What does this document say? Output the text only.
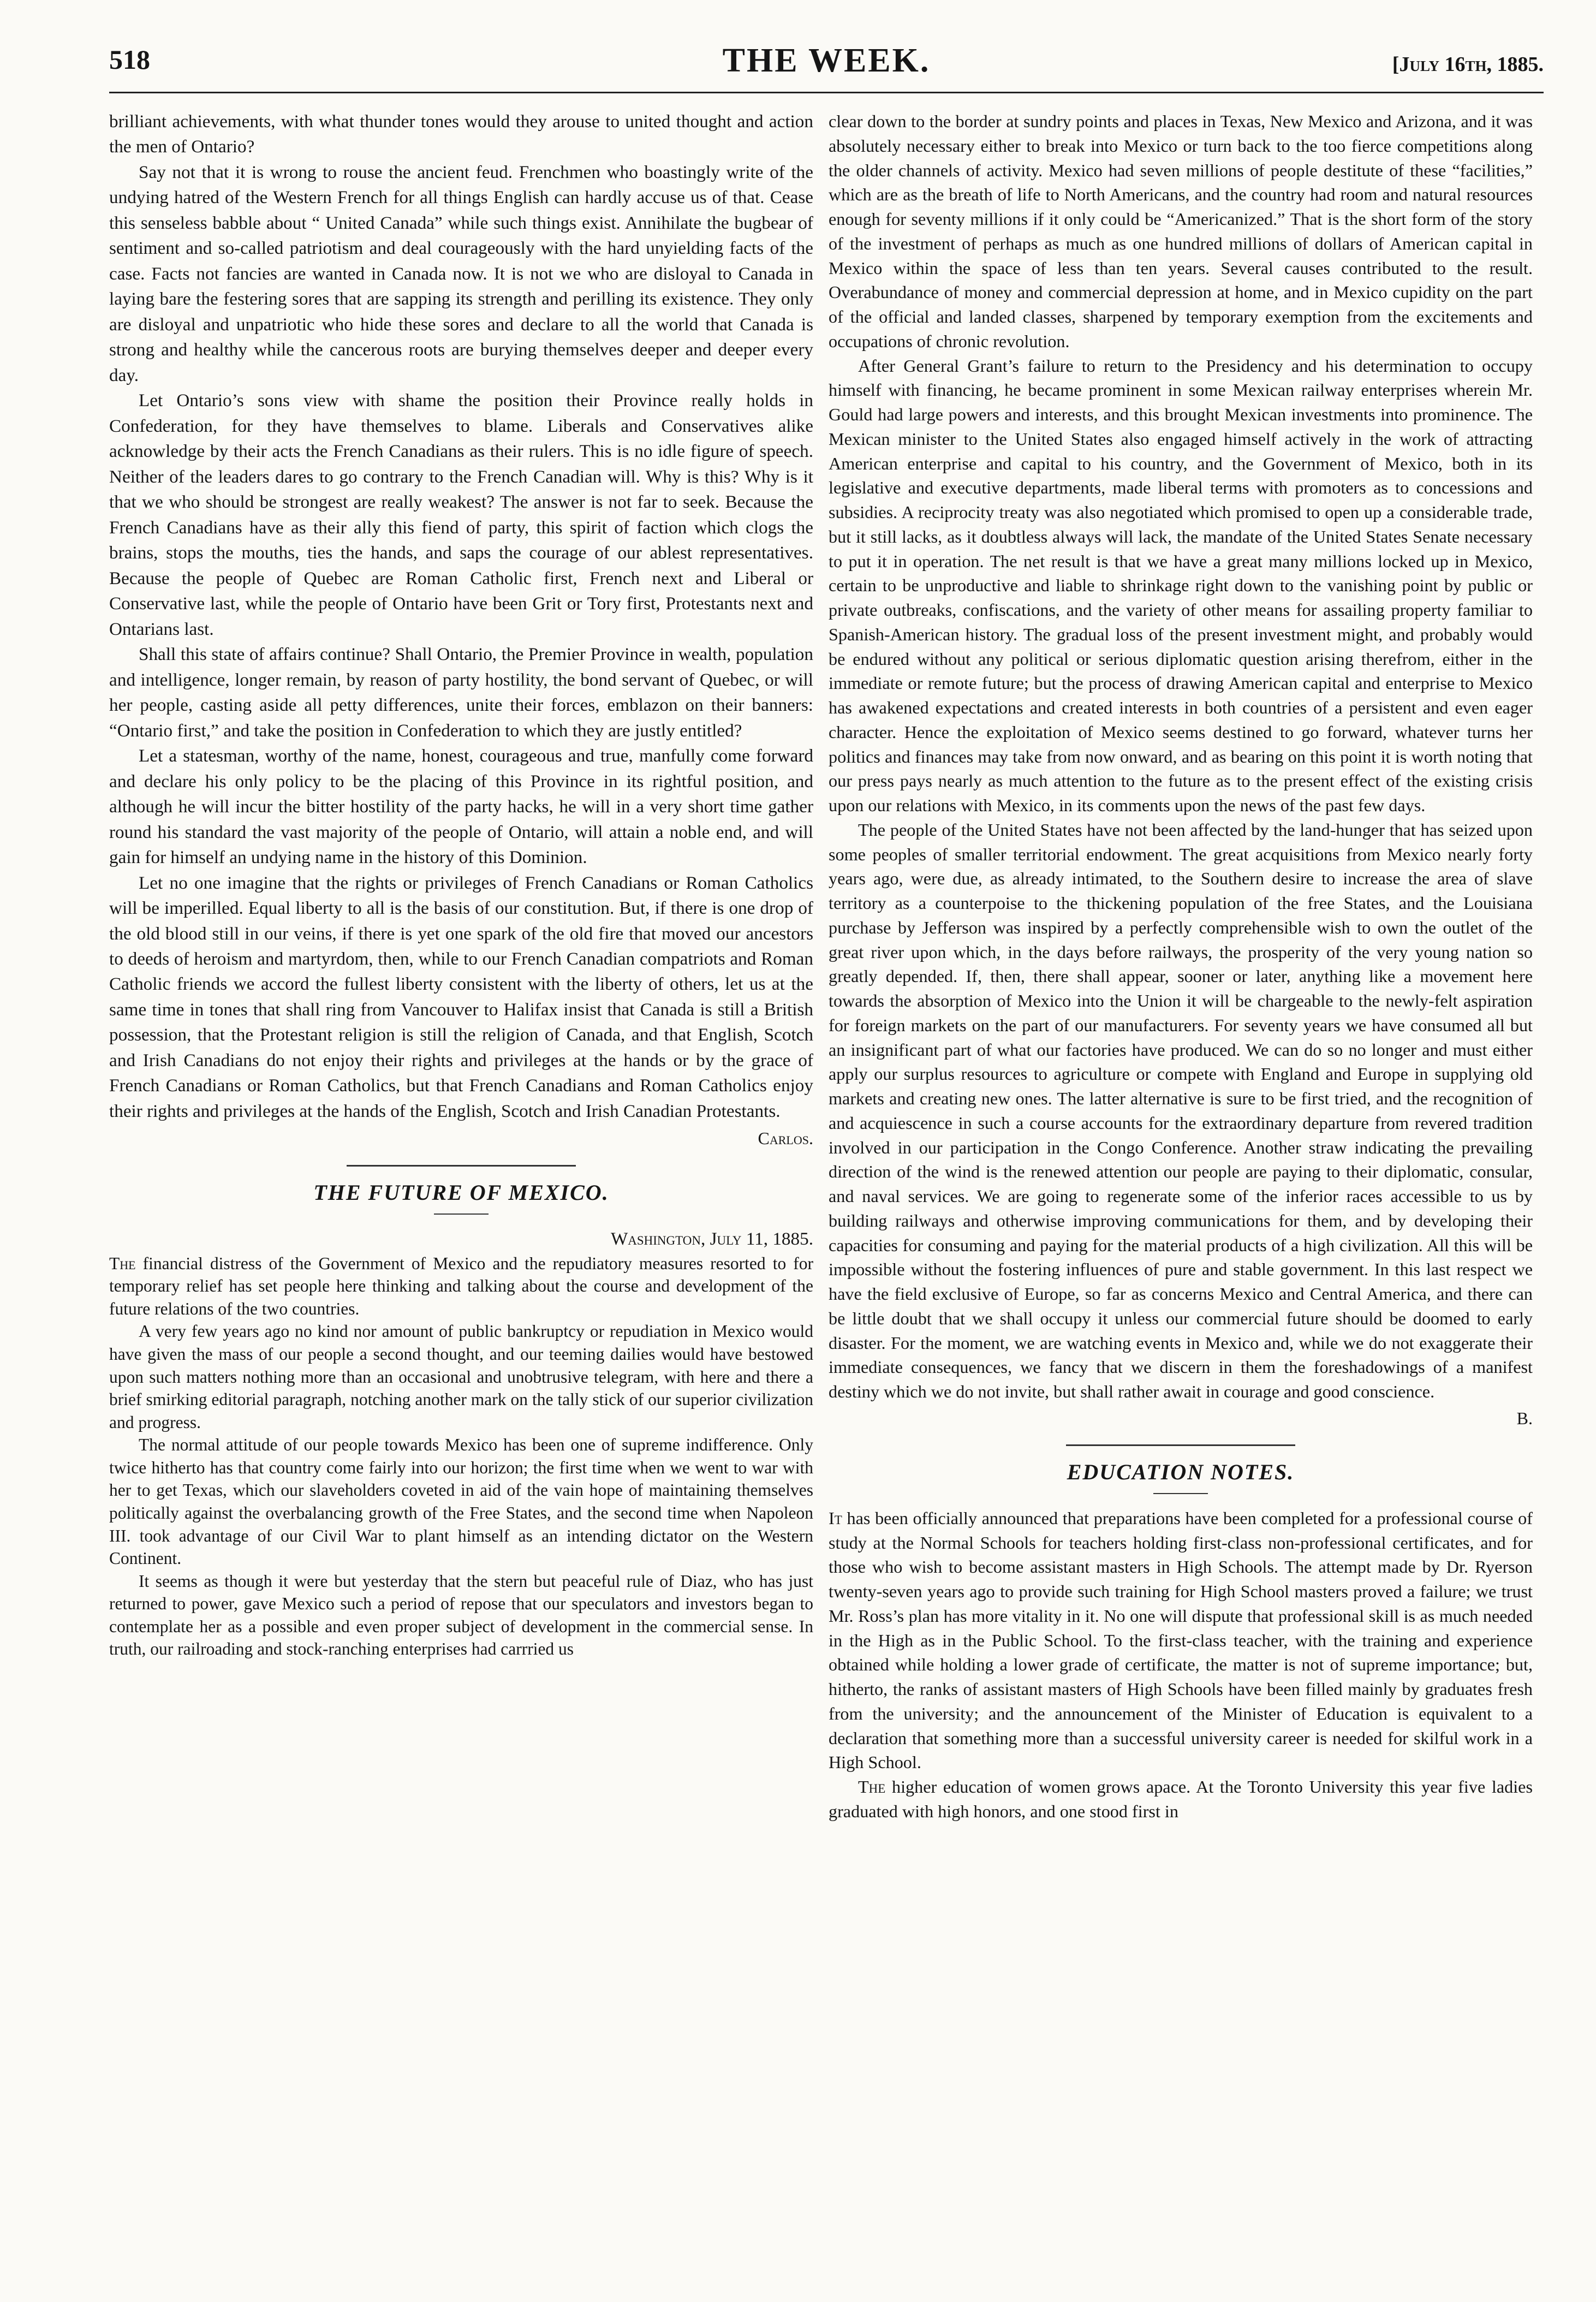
518	THE WEEK.	[July 16th, 1885.

brilliant achievements, with what thunder tones would they arouse to united thought and action the men of Ontario?

Say not that it is wrong to rouse the ancient feud. Frenchmen who boastingly write of the undying hatred of the Western French for all things English can hardly accuse us of that. Cease this senseless babble about “ United Canada” while such things exist. Annihilate the bugbear of sentiment and so-called patriotism and deal courageously with the hard unyielding facts of the case. Facts not fancies are wanted in Canada now. It is not we who are disloyal to Canada in laying bare the festering sores that are sapping its strength and perilling its existence. They only are disloyal and unpatriotic who hide these sores and declare to all the world that Canada is strong and healthy while the cancerous roots are burying themselves deeper and deeper every day.

Let Ontario’s sons view with shame the position their Province really holds in Confederation, for they have themselves to blame. Liberals and Conservatives alike acknowledge by their acts the French Canadians as their rulers. This is no idle figure of speech. Neither of the leaders dares to go contrary to the French Canadian will. Why is this? Why is it that we who should be strongest are really weakest? The answer is not far to seek. Because the French Canadians have as their ally this fiend of party, this spirit of faction which clogs the brains, stops the mouths, ties the hands, and saps the courage of our ablest representatives. Because the people of Quebec are Roman Catholic first, French next and Liberal or Conservative last, while the people of Ontario have been Grit or Tory first, Protestants next and Ontarians last.

Shall this state of affairs continue? Shall Ontario, the Premier Province in wealth, population and intelligence, longer remain, by reason of party hostility, the bond servant of Quebec, or will her people, casting aside all petty differences, unite their forces, emblazon on their banners: “Ontario first,” and take the position in Confederation to which they are justly entitled?

Let a statesman, worthy of the name, honest, courageous and true, manfully come forward and declare his only policy to be the placing of this Province in its rightful position, and although he will incur the bitter hostility of the party hacks, he will in a very short time gather round his standard the vast majority of the people of Ontario, will attain a noble end, and will gain for himself an undying name in the history of this Dominion.

Let no one imagine that the rights or privileges of French Canadians or Roman Catholics will be imperilled. Equal liberty to all is the basis of our constitution. But, if there is one drop of the old blood still in our veins, if there is yet one spark of the old fire that moved our ancestors to deeds of heroism and martyrdom, then, while to our French Canadian compatriots and Roman Catholic friends we accord the fullest liberty consistent with the liberty of others, let us at the same time in tones that shall ring from Vancouver to Halifax insist that Canada is still a British possession, that the Protestant religion is still the religion of Canada, and that English, Scotch and Irish Canadians do not enjoy their rights and privileges at the hands or by the grace of French Canadians or Roman Catholics, but that French Canadians and Roman Catholics enjoy their rights and privileges at the hands of the English, Scotch and Irish Canadian Protestants.

Carlos.
THE FUTURE OF MEXICO.

Washington, July 11, 1885.

The financial distress of the Government of Mexico and the repudiatory measures resorted to for temporary relief has set people here thinking and talking about the course and development of the future relations of the two countries.

A very few years ago no kind nor amount of public bankruptcy or repudiation in Mexico would have given the mass of our people a second thought, and our teeming dailies would have bestowed upon such matters nothing more than an occasional and unobtrusive telegram, with here and there a brief smirking editorial paragraph, notching another mark on the tally stick of our superior civilization and progress.

The normal attitude of our people towards Mexico has been one of supreme indifference. Only twice hitherto has that country come fairly into our horizon; the first time when we went to war with her to get Texas, which our slaveholders coveted in aid of the vain hope of maintaining themselves politically against the overbalancing growth of the Free States, and the second time when Napoleon III. took advantage of our Civil War to plant himself as an intending dictator on the Western Continent.

It seems as though it were but yesterday that the stern but peaceful rule of Diaz, who has just returned to power, gave Mexico such a period of repose that our speculators and investors began to contemplate her as a possible and even proper subject of development in the commercial sense. In truth, our railroading and stock-ranching enterprises had carrried us

clear down to the border at sundry points and places in Texas, New Mexico and Arizona, and it was absolutely necessary either to break into Mexico or turn back to the too fierce competitions along the older channels of activity. Mexico had seven millions of people destitute of these “facilities,” which are as the breath of life to North Americans, and the country had room and natural resources enough for seventy millions if it only could be “Americanized.” That is the short form of the story of the investment of perhaps as much as one hundred millions of dollars of American capital in Mexico within the space of less than ten years. Several causes contributed to the result. Overabundance of money and commercial depression at home, and in Mexico cupidity on the part of the official and landed classes, sharpened by temporary exemption from the excitements and occupations of chronic revolution.

After General Grant’s failure to return to the Presidency and his determination to occupy himself with financing, he became prominent in some Mexican railway enterprises wherein Mr. Gould had large powers and interests, and this brought Mexican investments into prominence. The Mexican minister to the United States also engaged himself actively in the work of attracting American enterprise and capital to his country, and the Government of Mexico, both in its legislative and executive departments, made liberal terms with promoters as to concessions and subsidies. A reciprocity treaty was also negotiated which promised to open up a considerable trade, but it still lacks, as it doubtless always will lack, the mandate of the United States Senate necessary to put it in operation. The net result is that we have a great many millions locked up in Mexico, certain to be unproductive and liable to shrinkage right down to the vanishing point by public or private outbreaks, confiscations, and the variety of other means for assailing property familiar to Spanish-American history. The gradual loss of the present investment might, and probably would be endured without any political or serious diplomatic question arising therefrom, either in the immediate or remote future; but the process of drawing American capital and enterprise to Mexico has awakened expectations and created interests in both countries of a persistent and even eager character. Hence the exploitation of Mexico seems destined to go forward, whatever turns her politics and finances may take from now onward, and as bearing on this point it is worth noting that our press pays nearly as much attention to the future as to the present effect of the existing crisis upon our relations with Mexico, in its comments upon the news of the past few days.

The people of the United States have not been affected by the land-hunger that has seized upon some peoples of smaller territorial endowment. The great acquisitions from Mexico nearly forty years ago, were due, as already intimated, to the Southern desire to increase the area of slave territory as a counterpoise to the thickening population of the free States, and the Louisiana purchase by Jefferson was inspired by a perfectly comprehensible wish to own the outlet of the great river upon which, in the days before railways, the prosperity of the very young nation so greatly depended. If, then, there shall appear, sooner or later, anything like a movement here towards the absorption of Mexico into the Union it will be chargeable to the newly-felt aspiration for foreign markets on the part of our manufacturers. For seventy years we have consumed all but an insignificant part of what our factories have produced. We can do so no longer and must either apply our surplus resources to agriculture or compete with England and Europe in supplying old markets and creating new ones. The latter alternative is sure to be first tried, and the recognition of and acquiescence in such a course accounts for the extraordinary departure from revered tradition involved in our participation in the Congo Conference. Another straw indicating the prevailing direction of the wind is the renewed attention our people are paying to their diplomatic, consular, and naval services. We are going to regenerate some of the inferior races accessible to us by building railways and otherwise improving communications for them, and by developing their capacities for consuming and paying for the material products of a high civilization. All this will be impossible without the fostering influences of pure and stable government. In this last respect we have the field exclusive of Europe, so far as concerns Mexico and Central America, and there can be little doubt that we shall occupy it unless our commercial future should be doomed to early disaster. For the moment, we are watching events in Mexico and, while we do not exaggerate their immediate consequences, we fancy that we discern in them the foreshadowings of a manifest destiny which we do not invite, but shall rather await in courage and good conscience.

B.
EDUCATION NOTES.

It has been officially announced that preparations have been completed for a professional course of study at the Normal Schools for teachers holding first-class non-professional certificates, and for those who wish to become assistant masters in High Schools. The attempt made by Dr. Ryerson twenty-seven years ago to provide such training for High School masters proved a failure; we trust Mr. Ross’s plan has more vitality in it. No one will dispute that professional skill is as much needed in the High as in the Public School. To the first-class teacher, with the training and experience obtained while holding a lower grade of certificate, the matter is not of supreme importance; but, hitherto, the ranks of assistant masters of High Schools have been filled mainly by graduates fresh from the university; and the announcement of the Minister of Education is equivalent to a declaration that something more than a successful university career is needed for skilful work in a High School.

The higher education of women grows apace. At the Toronto University this year five ladies graduated with high honors, and one stood first in
